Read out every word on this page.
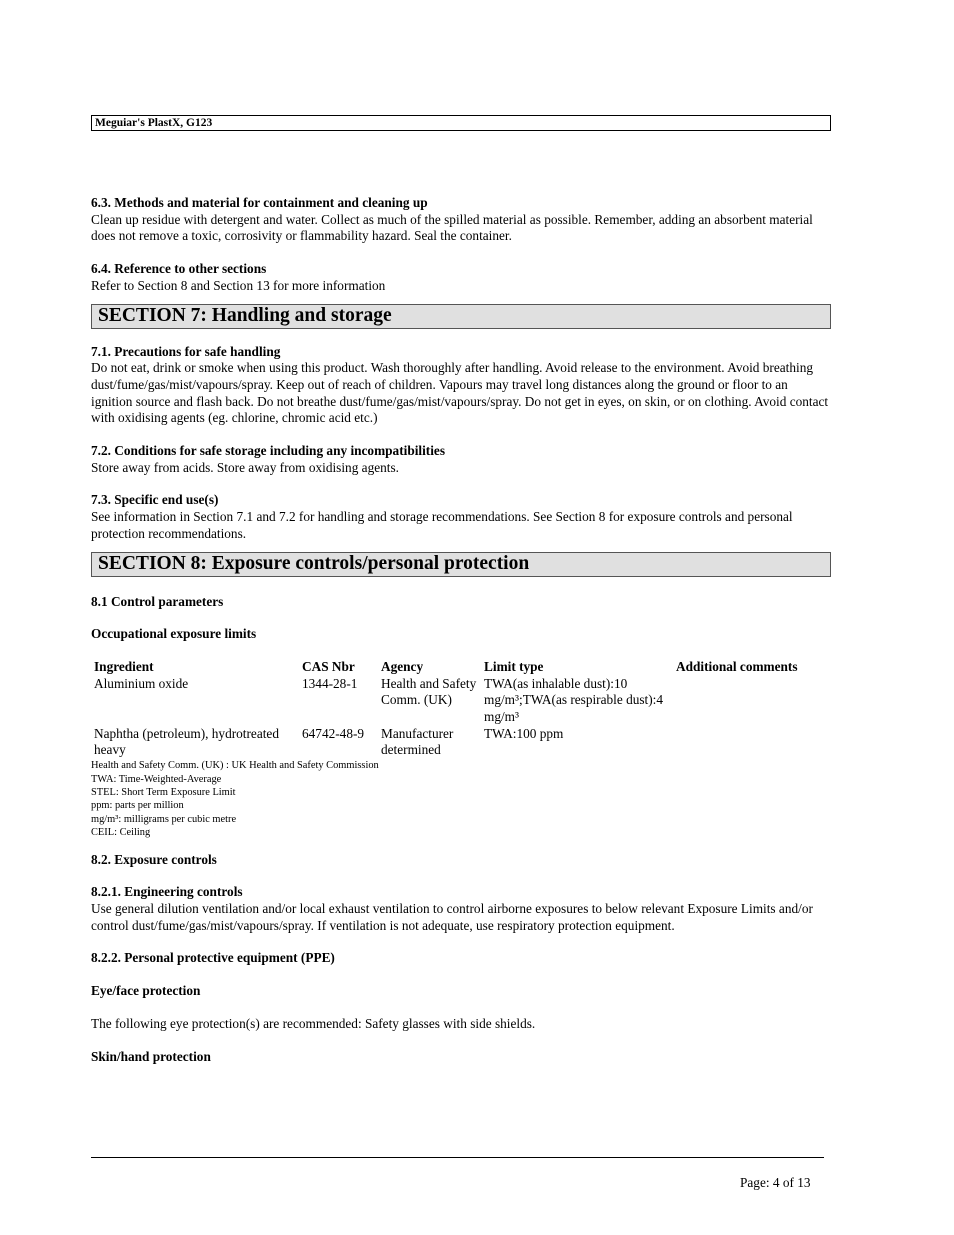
Meguiar's PlastX, G123

6.3. Methods and material for containment and cleaning up

Clean up residue with detergent and water. Collect as much of the spilled material as possible. Remember, adding an absorbent material does not remove a toxic, corrosivity or flammability hazard. Seal the container.

6.4. Reference to other sections

Refer to Section 8 and Section 13 for more information

SECTION 7: Handling and storage

7.1. Precautions for safe handling

Do not eat, drink or smoke when using this product. Wash thoroughly after handling. Avoid release to the environment. Avoid breathing dust/fume/gas/mist/vapours/spray. Keep out of reach of children. Vapours may travel long distances along the ground or floor to an ignition source and flash back. Do not breathe dust/fume/gas/mist/vapours/spray. Do not get in eyes, on skin, or on clothing. Avoid contact with oxidising agents (eg. chlorine, chromic acid etc.)

7.2. Conditions for safe storage including any incompatibilities

Store away from acids. Store away from oxidising agents.

7.3. Specific end use(s)

See information in Section 7.1 and 7.2 for handling and storage recommendations. See Section 8 for exposure controls and personal protection recommendations.

SECTION 8: Exposure controls/personal protection

8.1 Control parameters

Occupational exposure limits

Ingredient	CAS Nbr	Agency	Limit type	Additional comments
Aluminium oxide	1344-28-1	Health and Safety Comm. (UK)	TWA(as inhalable dust):10 mg/m³;TWA(as respirable dust):4 mg/m³	
Naphtha (petroleum), hydrotreated heavy	64742-48-9	Manufacturer determined	TWA:100 ppm	

Health and Safety Comm. (UK) : UK Health and Safety Commission

TWA: Time-Weighted-Average

STEL: Short Term Exposure Limit

ppm: parts per million

mg/m³: milligrams per cubic metre

CEIL: Ceiling

8.2. Exposure controls

8.2.1. Engineering controls

Use general dilution ventilation and/or local exhaust ventilation to control airborne exposures to below relevant Exposure Limits and/or control dust/fume/gas/mist/vapours/spray. If ventilation is not adequate, use respiratory protection equipment.

8.2.2. Personal protective equipment (PPE)

Eye/face protection

The following eye protection(s) are recommended: Safety glasses with side shields.

Skin/hand protection

Page: 4 of 13
